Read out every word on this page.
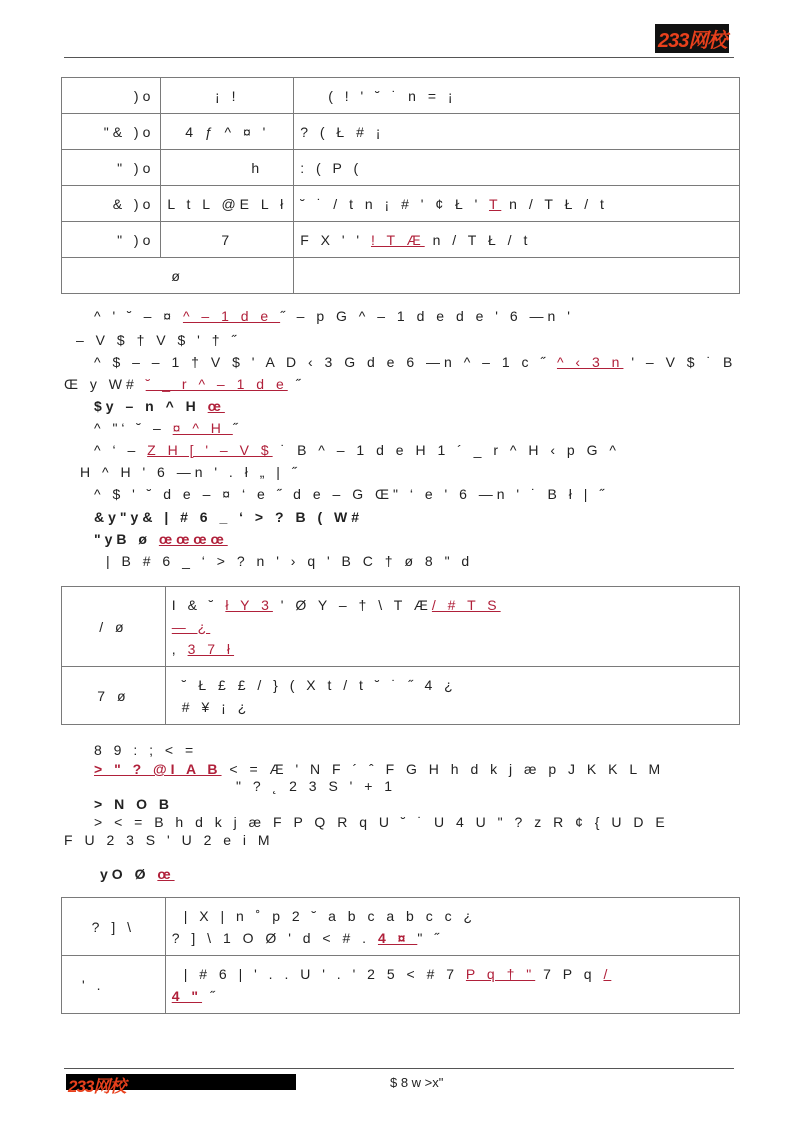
233网校
)o	¡ !	( ! ' ˘ ˙ n = ¡
"& )o	4 ƒ ^ ¤ '	? ( Ł # ¡
" )o	h	: ( P (
& )o	L t L @E L ł	˘ ˙ / t n ¡ # ' ¢ Ł ' T n / T Ł / t
" )o	7	F X ' ' ! T Æ n / T Ł / t
ø		
^ ' ˘ – ¤ ^ – 1 d e ˝ – p G ^ – 1 d e d e ' 6 —n '
– V $ † V $ ' † ˝
^ $ – – 1 † V $ ' A D ‹ 3 G d e 6 —n ^ – 1 c ˝ ^ ‹ 3 n ' – V $ ˙ B
Œ y W# ˘ _ r ^ – 1 d e ˝
$y – n ^ H œ
^ "‘ ˘ – ¤ ^ H ˝
^ ‘ – Z H [ ' – V $ ˙ B ^ – 1 d e H 1 ´ _ r ^ H ‹ p G ^
H ^ H ' 6 —n ' . ł „ | ˝
^ $ ' ˘ d e – ¤ ‘ e ˝ d e – G Œ" ‘ e ' 6 —n ' ˙ B ł | ˝
&y"y& | # 6 _ ‘ > ? B ( W#
"yB ø œœœœ
| B # 6 _ ‘ > ? n ' › q ' B C † ø 8 " d
/ ø	I & ˘ ł Y 3 ' Ø Y – † \ T Æ/ # T S
— ¿
, 3 7 ł

7 ø	˘ Ł £ £ / } ( X t / t ˘ ˙ ˝ 4 ¿
# ¥ ¡ ¿
8 9 : ; < =
> " ? @I A B < = Æ ' N F ´ ˆ F G H h d k j æ p J K K L M
" ? ˛ 2 3 S ' + 1
> N O B
> < = B h d k j æ F P Q R q U ˘ ˙ U 4 U " ? z R ¢ { U D E
F U 2 3 S ' U 2 e i M
yO Ø œ
? ] \	| X | n ˚ p 2 ˘ a b c a b c c ¿
? ] \ 1 O Ø ' d < # . 4 ¤ " ˝

' .	| # 6 | ' . . U ' . ' 2 5 < # 7 P q † " 7 P q /
4 " ˝
233网校	$ 8 w >x"
